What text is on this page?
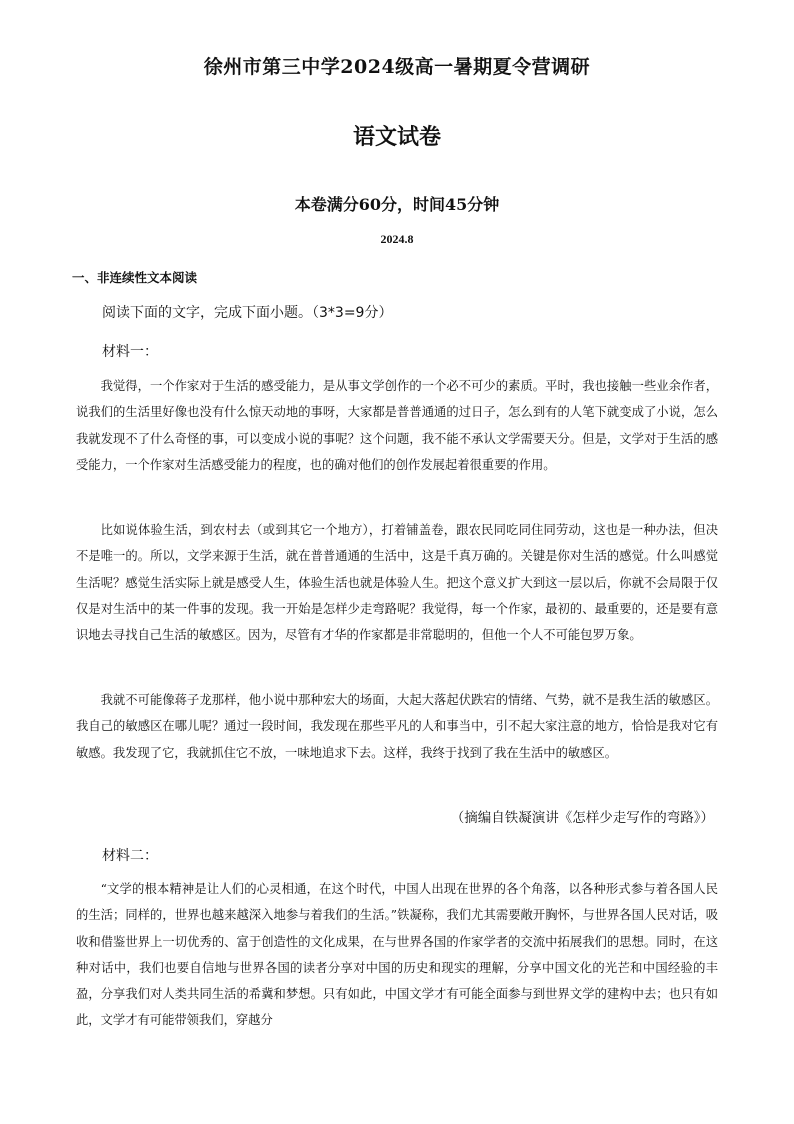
徐州市第三中学2024级高一暑期夏令营调研
语文试卷
本卷满分60分，时间45分钟
2024.8
一、非连续性文本阅读
阅读下面的文字，完成下面小题。（3*3=9分）
材料一：

我觉得，一个作家对于生活的感受能力，是从事文学创作的一个必不可少的素质。平时，我也接触一些业余作者，说我们的生活里好像也没有什么惊天动地的事呀，大家都是普普通通的过日子，怎么到有的人笔下就变成了小说，怎么我就发现不了什么奇怪的事，可以变成小说的事呢？这个问题，我不能不承认文学需要天分。但是，文学对于生活的感受能力，一个作家对生活感受能力的程度，也的确对他们的创作发展起着很重要的作用。

比如说体验生活，到农村去（或到其它一个地方），打着铺盖卷，跟农民同吃同住同劳动，这也是一种办法，但决不是唯一的。所以，文学来源于生活，就在普普通通的生活中，这是千真万确的。关键是你对生活的感觉。什么叫感觉生活呢？感觉生活实际上就是感受人生，体验生活也就是体验人生。把这个意义扩大到这一层以后，你就不会局限于仅仅是对生活中的某一件事的发现。我一开始是怎样少走弯路呢？我觉得，每一个作家，最初的、最重要的，还是要有意识地去寻找自己生活的敏感区。因为，尽管有才华的作家都是非常聪明的，但他一个人不可能包罗万象。

我就不可能像蒋子龙那样，他小说中那种宏大的场面，大起大落起伏跌宕的情绪、气势，就不是我生活的敏感区。我自己的敏感区在哪儿呢？通过一段时间，我发现在那些平凡的人和事当中，引不起大家注意的地方，恰恰是我对它有敏感。我发现了它，我就抓住它不放，一味地追求下去。这样，我终于找到了我在生活中的敏感区。

（摘编自铁凝演讲《怎样少走写作的弯路》）
材料二：

“文学的根本精神是让人们的心灵相通，在这个时代，中国人出现在世界的各个角落，以各种形式参与着各国人民的生活；同样的，世界也越来越深入地参与着我们的生活。”铁凝称，我们尤其需要敞开胸怀，与世界各国人民对话，吸收和借鉴世界上一切优秀的、富于创造性的文化成果，在与世界各国的作家学者的交流中拓展我们的思想。同时，在这种对话中，我们也要自信地与世界各国的读者分享对中国的历史和现实的理解，分享中国文化的光芒和中国经验的丰盈，分享我们对人类共同生活的希冀和梦想。只有如此，中国文学才有可能全面参与到世界文学的建构中去；也只有如此，文学才有可能带领我们，穿越分
